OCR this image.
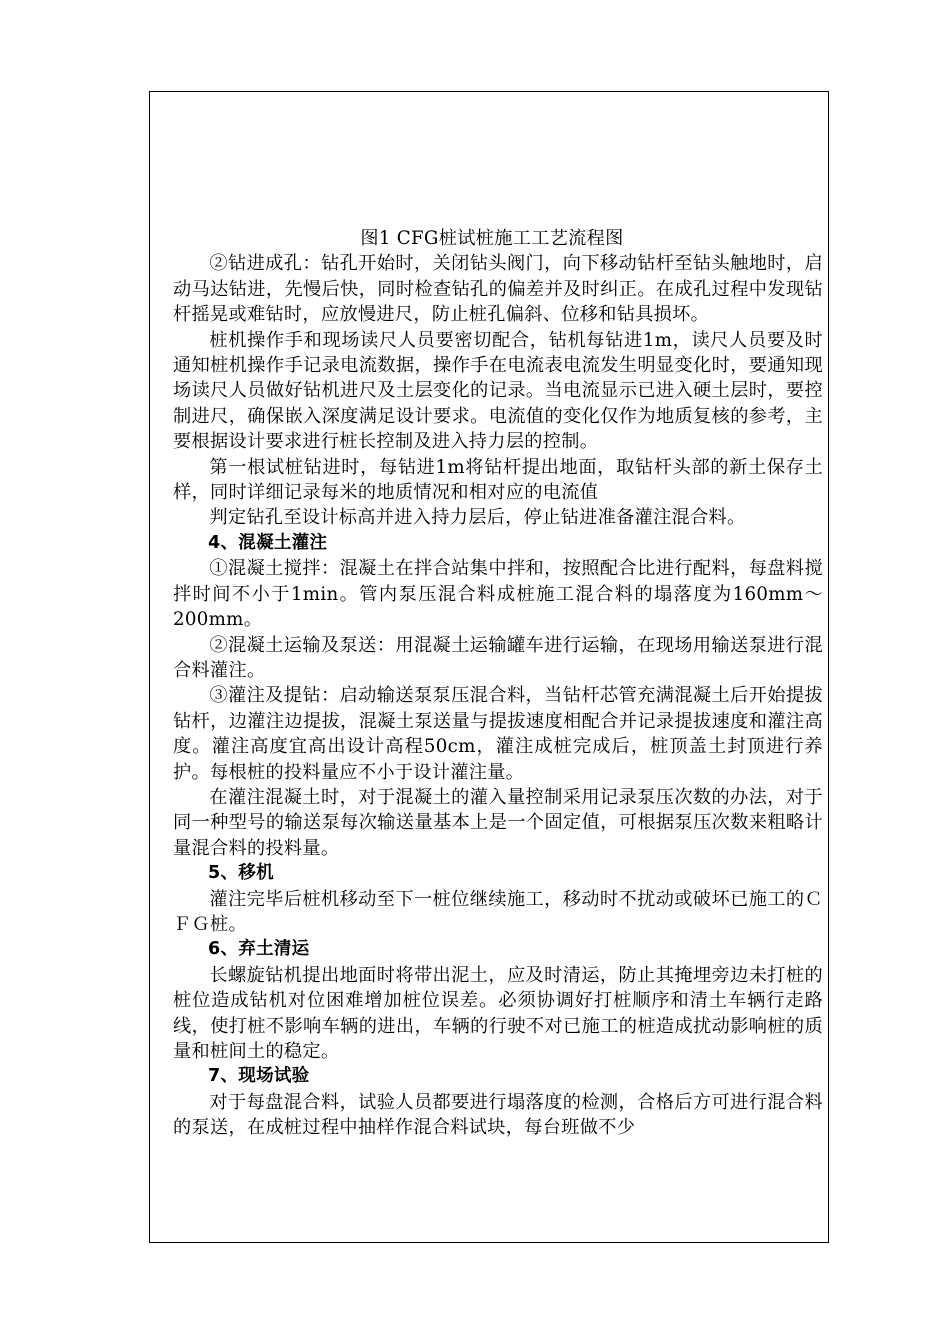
图1 CFG桩试桩施工工艺流程图

②钻进成孔：钻孔开始时，关闭钻头阀门，向下移动钻杆至钻头触地时，启动马达钻进，先慢后快，同时检查钻孔的偏差并及时纠正。在成孔过程中发现钻杆摇晃或难钻时，应放慢进尺，防止桩孔偏斜、位移和钻具损坏。

桩机操作手和现场读尺人员要密切配合，钻机每钻进1m，读尺人员要及时通知桩机操作手记录电流数据，操作手在电流表电流发生明显变化时，要通知现场读尺人员做好钻机进尺及土层变化的记录。当电流显示已进入硬土层时，要控制进尺，确保嵌入深度满足设计要求。电流值的变化仅作为地质复核的参考，主要根据设计要求进行桩长控制及进入持力层的控制。

第一根试桩钻进时，每钻进1m将钻杆提出地面，取钻杆头部的新土保存土样，同时详细记录每米的地质情况和相对应的电流值

判定钻孔至设计标高并进入持力层后，停止钻进准备灌注混合料。

4、混凝土灌注

①混凝土搅拌：混凝土在拌合站集中拌和，按照配合比进行配料，每盘料搅拌时间不小于1min。管内泵压混合料成桩施工混合料的塌落度为160mm～200mm。

②混凝土运输及泵送：用混凝土运输罐车进行运输，在现场用输送泵进行混合料灌注。

③灌注及提钻：启动输送泵泵压混合料，当钻杆芯管充满混凝土后开始提拔钻杆，边灌注边提拔，混凝土泵送量与提拔速度相配合并记录提拔速度和灌注高度。灌注高度宜高出设计高程50cm，灌注成桩完成后，桩顶盖土封顶进行养护。每根桩的投料量应不小于设计灌注量。

在灌注混凝土时，对于混凝土的灌入量控制采用记录泵压次数的办法，对于同一种型号的输送泵每次输送量基本上是一个固定值，可根据泵压次数来粗略计量混合料的投料量。

5、移机

灌注完毕后桩机移动至下一桩位继续施工，移动时不扰动或破坏已施工的ＣＦＧ桩。

6、弃土清运

长螺旋钻机提出地面时将带出泥土，应及时清运，防止其掩埋旁边未打桩的桩位造成钻机对位困难增加桩位误差。必须协调好打桩顺序和清土车辆行走路线，使打桩不影响车辆的进出，车辆的行驶不对已施工的桩造成扰动影响桩的质量和桩间土的稳定。

7、现场试验

对于每盘混合料，试验人员都要进行塌落度的检测，合格后方可进行混合料的泵送，在成桩过程中抽样作混合料试块，每台班做不少
